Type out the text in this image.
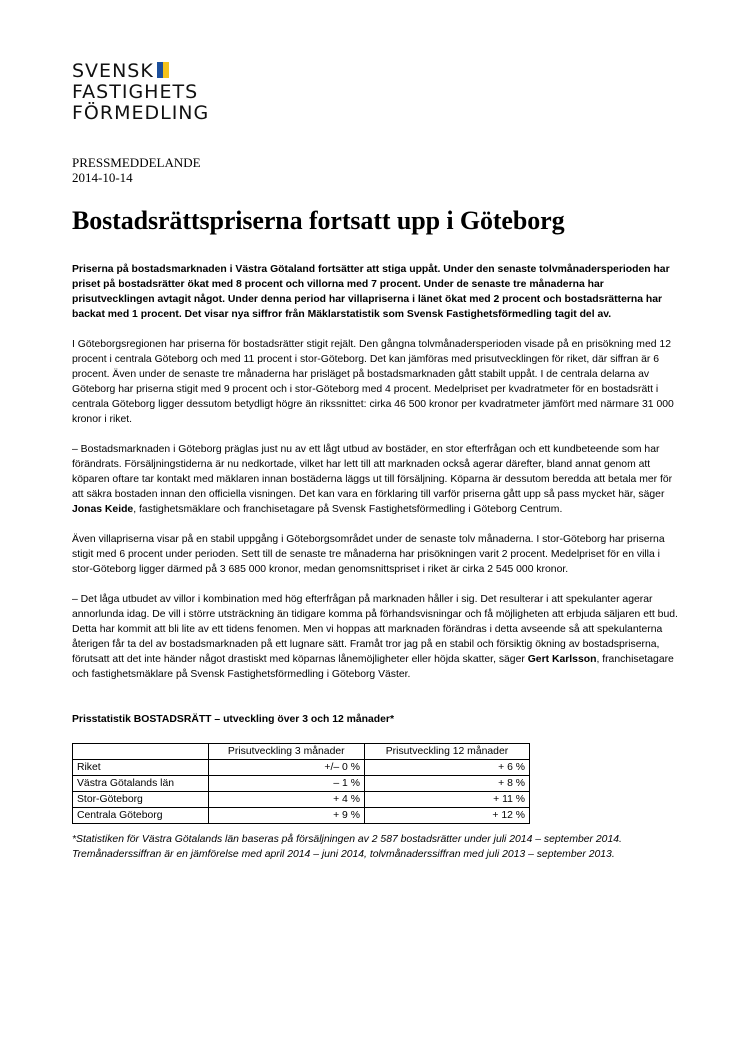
SVENSK
FASTIGHETS
FÖRMEDLING
PRESSMEDDELANDE
2014-10-14
Bostadsrättspriserna fortsatt upp i Göteborg

Priserna på bostadsmarknaden i Västra Götaland fortsätter att stiga uppåt. Under den senaste tolvmånadersperioden har priset på bostadsrätter ökat med 8 procent och villorna med 7 procent. Under de senaste tre månaderna har prisutvecklingen avtagit något. Under denna period har villapriserna i länet ökat med 2 procent och bostadsrätterna har backat med 1 procent. Det visar nya siffror från Mäklarstatistik som Svensk Fastighetsförmedling tagit del av.

I Göteborgsregionen har priserna för bostadsrätter stigit rejält. Den gångna tolvmånadersperioden visade på en prisökning med 12 procent i centrala Göteborg och med 11 procent i stor-Göteborg. Det kan jämföras med prisutvecklingen för riket, där siffran är 6 procent. Även under de senaste tre månaderna har prisläget på bostadsmarknaden gått stabilt uppåt. I de centrala delarna av Göteborg har priserna stigit med 9 procent och i stor-Göteborg med 4 procent. Medelpriset per kvadratmeter för en bostadsrätt i centrala Göteborg ligger dessutom betydligt högre än rikssnittet: cirka 46 500 kronor per kvadratmeter jämfört med närmare 31 000 kronor i riket.

– Bostadsmarknaden i Göteborg präglas just nu av ett lågt utbud av bostäder, en stor efterfrågan och ett kundbeteende som har förändrats. Försäljningstiderna är nu nedkortade, vilket har lett till att marknaden också agerar därefter, bland annat genom att köparen oftare tar kontakt med mäklaren innan bostäderna läggs ut till försäljning. Köparna är dessutom beredda att betala mer för att säkra bostaden innan den officiella visningen. Det kan vara en förklaring till varför priserna gått upp så pass mycket här, säger Jonas Keide, fastighetsmäklare och franchisetagare på Svensk Fastighetsförmedling i Göteborg Centrum.

Även villapriserna visar på en stabil uppgång i Göteborgsområdet under de senaste tolv månaderna. I stor-Göteborg har priserna stigit med 6 procent under perioden. Sett till de senaste tre månaderna har prisökningen varit 2 procent. Medelpriset för en villa i stor-Göteborg ligger därmed på 3 685 000 kronor, medan genomsnittspriset i riket är cirka 2 545 000 kronor.

– Det låga utbudet av villor i kombination med hög efterfrågan på marknaden håller i sig. Det resulterar i att spekulanter agerar annorlunda idag. De vill i större utsträckning än tidigare komma på förhandsvisningar och få möjligheten att erbjuda säljaren ett bud. Detta har kommit att bli lite av ett tidens fenomen. Men vi hoppas att marknaden förändras i detta avseende så att spekulanterna återigen får ta del av bostadsmarknaden på ett lugnare sätt. Framåt tror jag på en stabil och försiktig ökning av bostadspriserna, förutsatt att det inte händer något drastiskt med köparnas lånemöjligheter eller höjda skatter, säger Gert Karlsson, franchisetagare och fastighetsmäklare på Svensk Fastighetsförmedling i Göteborg Väster.

Prisstatistik BOSTADSRÄTT – utveckling över 3 och 12 månader*

	Prisutveckling 3 månader	Prisutveckling 12 månader
Riket	+/– 0 %	+ 6 %
Västra Götalands län	– 1 %	+ 8 %
Stor-Göteborg	+ 4 %	+ 11 %
Centrala Göteborg	+ 9 %	+ 12 %

*Statistiken för Västra Götalands län baseras på försäljningen av 2 587 bostadsrätter under juli 2014 – september 2014. Tremånaderssiffran är en jämförelse med april 2014 – juni 2014, tolvmånaderssiffran med juli 2013 – september 2013.
